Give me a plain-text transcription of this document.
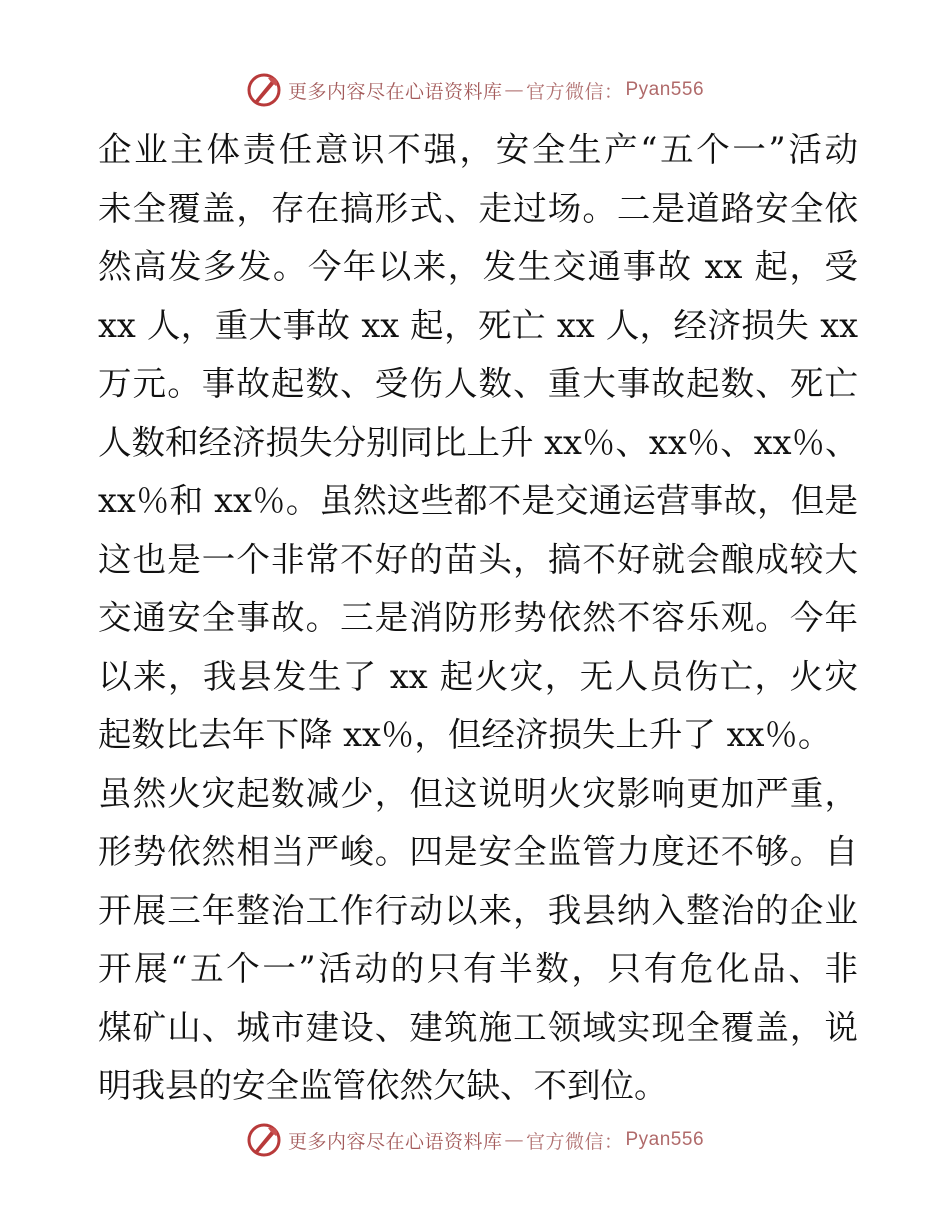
更多内容尽在心语资料库 — 官方微信： Pyan556
企业主体责任意识不强，安全生产“五个一”活动
未全覆盖，存在搞形式、走过场。二是道路安全依
然高发多发。今年以来，发生交通事故 xx 起，受
xx 人，重大事故 xx 起，死亡 xx 人，经济损失 xx
万元。事故起数、受伤人数、重大事故起数、死亡
人数和经济损失分别同比上升 xx％、xx％、xx％、
xx％和 xx％。虽然这些都不是交通运营事故，但是
这也是一个非常不好的苗头，搞不好就会酿成较大
交通安全事故。三是消防形势依然不容乐观。今年
以来，我县发生了 xx 起火灾，无人员伤亡，火灾
起数比去年下降 xx％，但经济损失上升了 xx％。
虽然火灾起数减少，但这说明火灾影响更加严重，
形势依然相当严峻。四是安全监管力度还不够。自
开展三年整治工作行动以来，我县纳入整治的企业
开展“五个一”活动的只有半数，只有危化品、非
煤矿山、城市建设、建筑施工领域实现全覆盖，说
明我县的安全监管依然欠缺、不到位。
更多内容尽在心语资料库 — 官方微信： Pyan556
